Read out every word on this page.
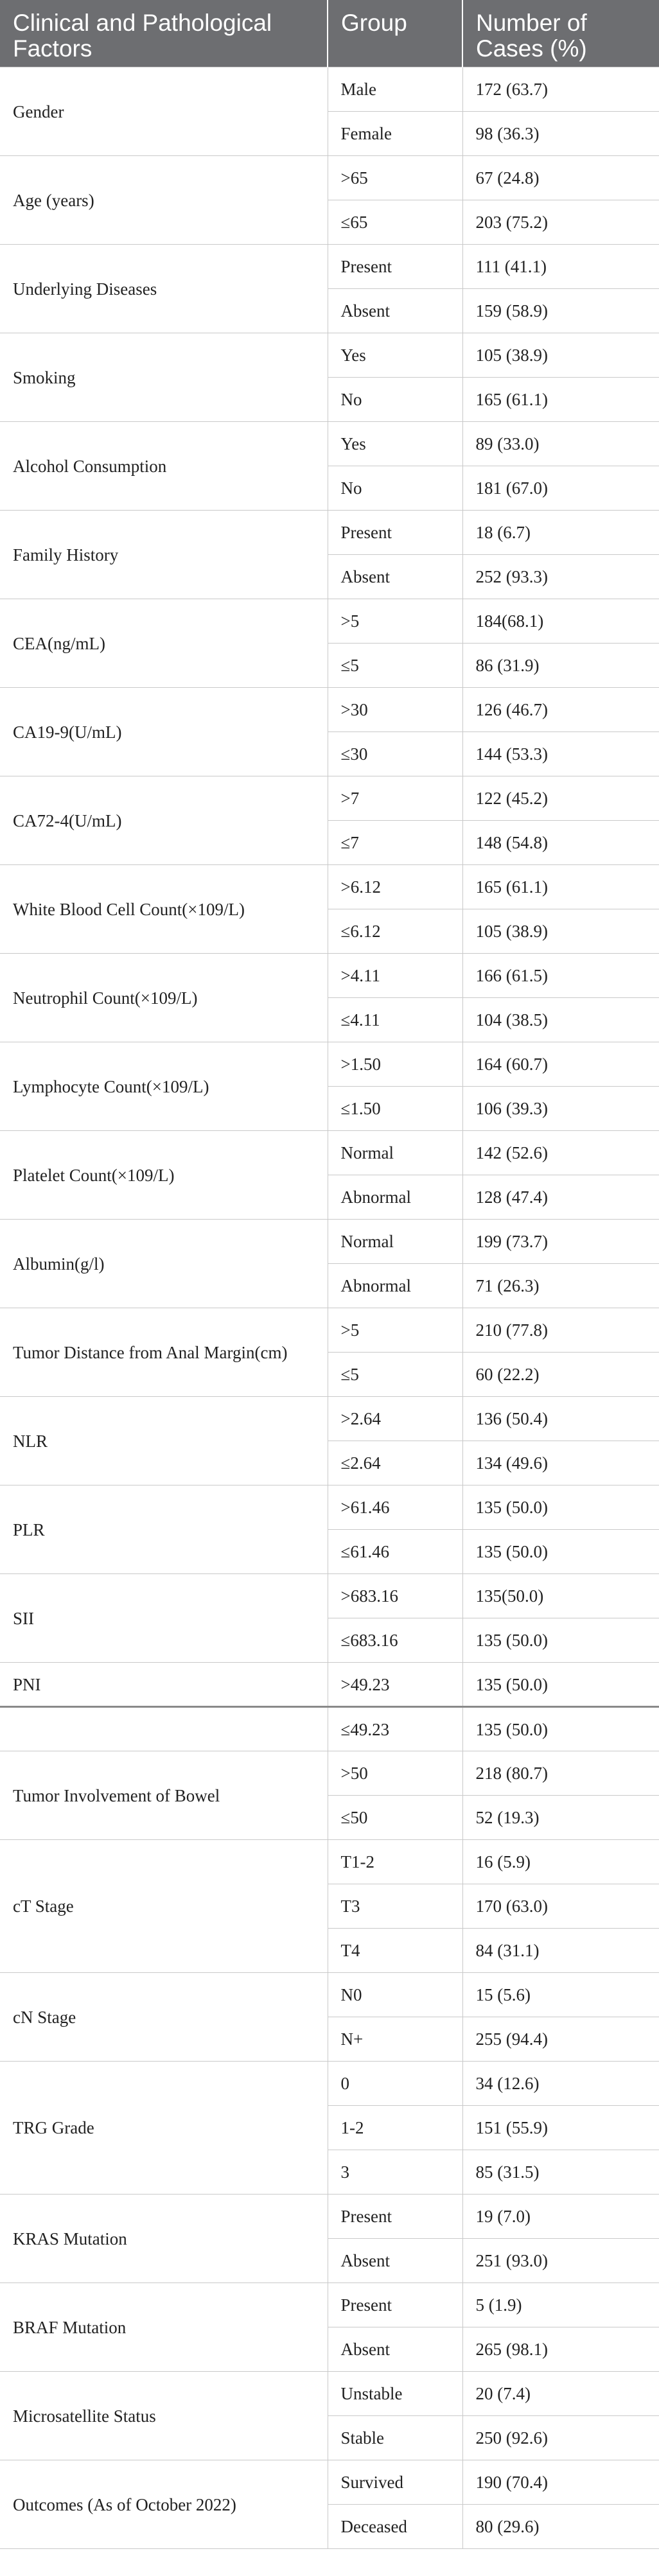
Clinical and Pathological Factors	Group	Number of Cases (%)
Gender	Male	172 (63.7)
	Female	98 (36.3)
Age (years)	>65	67 (24.8)
	≤65	203 (75.2)
Underlying Diseases	Present	111 (41.1)
	Absent	159 (58.9)
Smoking	Yes	105 (38.9)
	No	165 (61.1)
Alcohol Consumption	Yes	89 (33.0)
	No	181 (67.0)
Family History	Present	18 (6.7)
	Absent	252 (93.3)
CEA(ng/mL)	>5	184(68.1)
	≤5	86 (31.9)
CA19-9(U/mL)	>30	126 (46.7)
	≤30	144 (53.3)
CA72-4(U/mL)	>7	122 (45.2)
	≤7	148 (54.8)
White Blood Cell Count(×109/L)	>6.12	165 (61.1)
	≤6.12	105 (38.9)
Neutrophil Count(×109/L)	>4.11	166 (61.5)
	≤4.11	104 (38.5)
Lymphocyte Count(×109/L)	>1.50	164 (60.7)
	≤1.50	106 (39.3)
Platelet Count(×109/L)	Normal	142 (52.6)
	Abnormal	128 (47.4)
Albumin(g/l)	Normal	199 (73.7)
	Abnormal	71 (26.3)
Tumor Distance from Anal Margin(cm)	>5	210 (77.8)
	≤5	60 (22.2)
NLR	>2.64	136 (50.4)
	≤2.64	134 (49.6)
PLR	>61.46	135 (50.0)
	≤61.46	135 (50.0)
SII	>683.16	135(50.0)
	≤683.16	135 (50.0)
PNI	>49.23	135 (50.0)
	≤49.23	135 (50.0)
Tumor Involvement of Bowel	>50	218 (80.7)
	≤50	52 (19.3)
cT Stage	T1-2	16 (5.9)
	T3	170 (63.0)
	T4	84 (31.1)
cN Stage	N0	15 (5.6)
	N+	255 (94.4)
TRG Grade	0	34 (12.6)
	1-2	151 (55.9)
	3	85 (31.5)
KRAS Mutation	Present	19 (7.0)
	Absent	251 (93.0)
BRAF Mutation	Present	5 (1.9)
	Absent	265 (98.1)
Microsatellite Status	Unstable	20 (7.4)
	Stable	250 (92.6)
Outcomes (As of October 2022)	Survived	190 (70.4)
	Deceased	80 (29.6)
